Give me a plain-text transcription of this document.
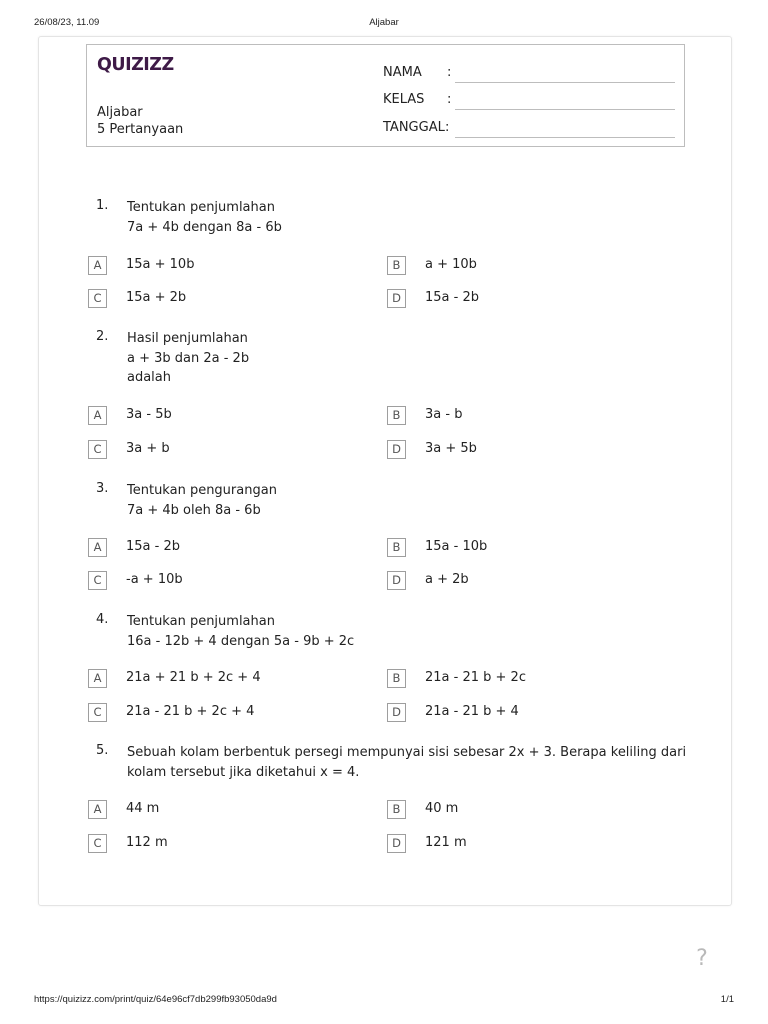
26/08/23, 11.09	Aljabar
QUIZIZZ
Aljabar
5 Pertanyaan
NAMA :
KELAS :
TANGGAL :
1. Tentukan penjumlahan
7a + 4b dengan 8a - 6b
A	15a + 10b	B	a + 10b
C	15a + 2b	D	15a - 2b
2. Hasil penjumlahan
a + 3b dan 2a - 2b
adalah
A	3a - 5b	B	3a - b
C	3a + b	D	3a + 5b
3. Tentukan pengurangan
7a + 4b oleh 8a - 6b
A	15a - 2b	B	15a - 10b
C	-a + 10b	D	a + 2b
4. Tentukan penjumlahan
16a - 12b + 4 dengan 5a - 9b + 2c
A	21a + 21 b + 2c + 4	B	21a - 21 b + 2c
C	21a - 21 b + 2c + 4	D	21a - 21 b + 4
5. Sebuah kolam berbentuk persegi mempunyai sisi sebesar 2x + 3. Berapa keliling dari
kolam tersebut jika diketahui x = 4.
A	44 m	B	40 m
C	112 m	D	121 m
?
https://quizizz.com/print/quiz/64e96cf7db299fb93050da9d	1/1
